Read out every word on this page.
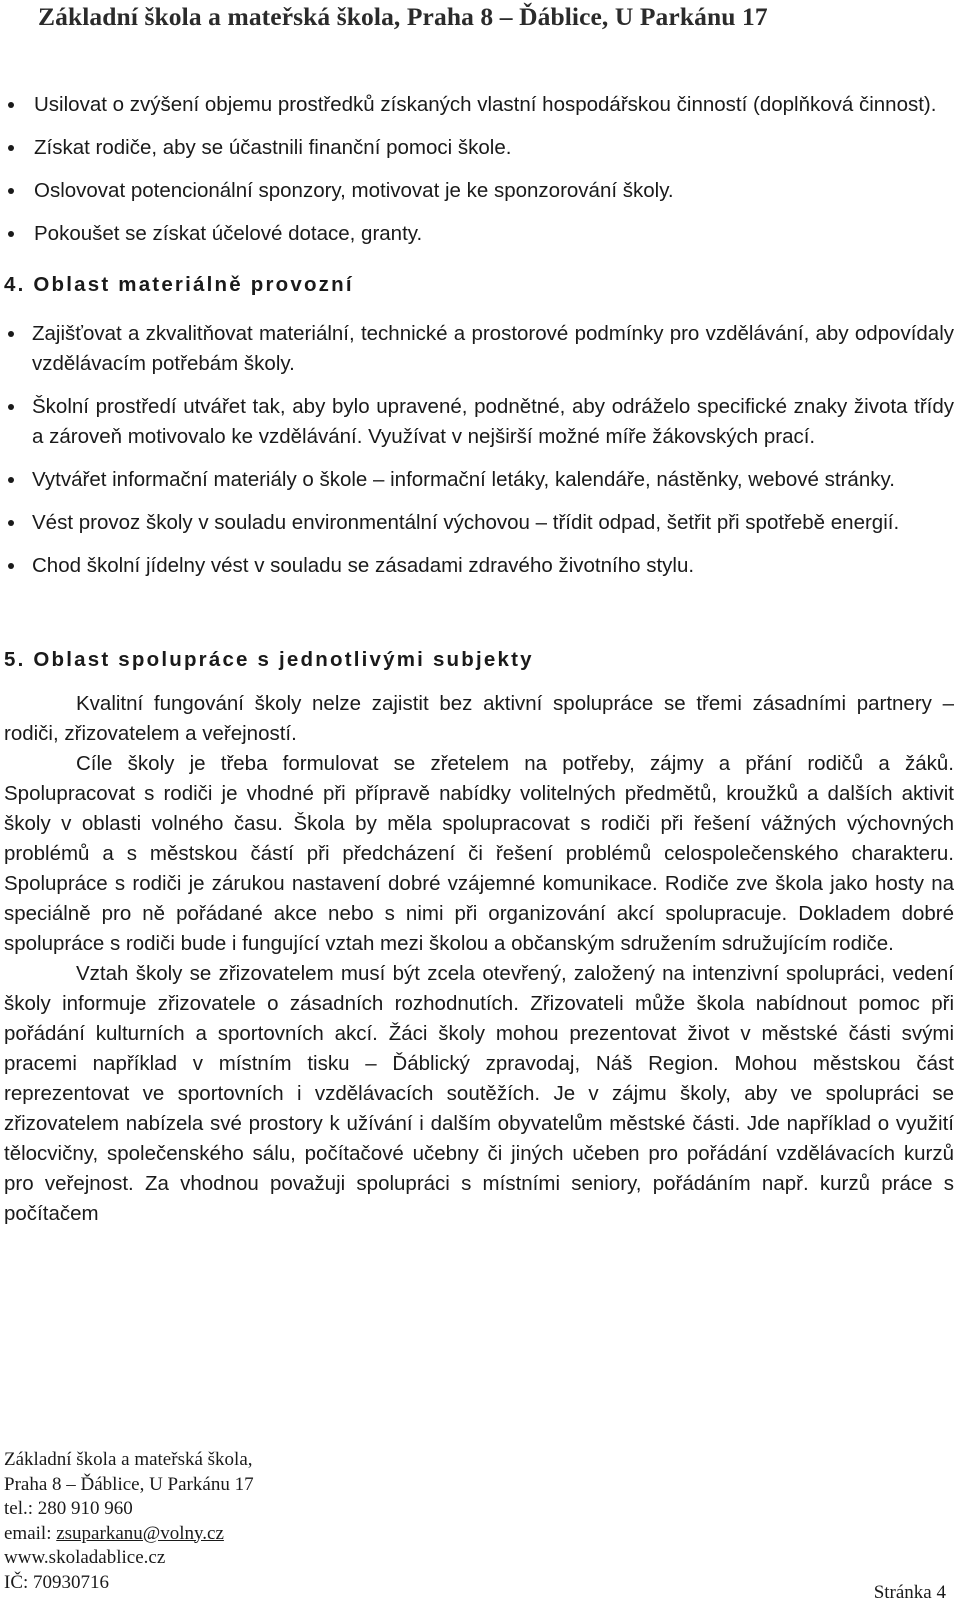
Základní škola a mateřská škola, Praha 8 – Ďáblice, U Parkánu 17
Usilovat o zvýšení objemu prostředků získaných vlastní hospodářskou činností (doplňková činnost).
Získat rodiče, aby se účastnili finanční pomoci škole.
Oslovovat potencionální sponzory, motivovat je ke sponzorování školy.
Pokoušet se získat účelové dotace, granty.
4. Oblast materiálně provozní
Zajišťovat a zkvalitňovat materiální, technické a prostorové podmínky pro vzdělávání, aby odpovídaly vzdělávacím potřebám školy.
Školní prostředí utvářet tak, aby bylo upravené, podnětné, aby odráželo specifické znaky života třídy a zároveň motivovalo ke vzdělávání. Využívat v nejširší možné míře žákovských prací.
Vytvářet informační materiály o škole – informační letáky, kalendáře, nástěnky, webové stránky.
Vést provoz školy v souladu environmentální výchovou – třídit odpad, šetřit při spotřebě energií.
Chod školní jídelny vést v souladu se zásadami zdravého životního stylu.
5. Oblast spolupráce s jednotlivými subjekty

Kvalitní fungování školy nelze zajistit bez aktivní spolupráce se třemi zásadními partnery – rodiči, zřizovatelem a veřejností.

Cíle školy je třeba formulovat se zřetelem na potřeby, zájmy a přání rodičů a žáků. Spolupracovat s rodiči je vhodné při přípravě nabídky volitelných předmětů, kroužků a dalších aktivit školy v oblasti volného času. Škola by měla spolupracovat s rodiči při řešení vážných výchovných problémů a s městskou částí při předcházení či řešení problémů celospolečenského charakteru. Spolupráce s rodiči je zárukou nastavení dobré vzájemné komunikace. Rodiče zve škola jako hosty na speciálně pro ně pořádané akce nebo s nimi při organizování akcí spolupracuje. Dokladem dobré spolupráce s rodiči bude i fungující vztah mezi školou a občanským sdružením sdružujícím rodiče.

Vztah školy se zřizovatelem musí být zcela otevřený, založený na intenzivní spolupráci, vedení školy informuje zřizovatele o zásadních rozhodnutích. Zřizovateli může škola nabídnout pomoc při pořádání kulturních a sportovních akcí. Žáci školy mohou prezentovat život v městské části svými pracemi například v místním tisku – Ďáblický zpravodaj, Náš Region. Mohou městskou část reprezentovat ve sportovních i vzdělávacích soutěžích. Je v zájmu školy, aby ve spolupráci se zřizovatelem nabízela své prostory k užívání i dalším obyvatelům městské části. Jde například o využití tělocvičny, společenského sálu, počítačové učebny či jiných učeben pro pořádání vzdělávacích kurzů pro veřejnost. Za vhodnou považuji spolupráci s místními seniory, pořádáním např. kurzů práce s počítačem

Základní škola a mateřská škola,
Praha 8 – Ďáblice, U Parkánu 17
tel.: 280 910 960
email: zsuparkanu@volny.cz
www.skoladablice.cz
IČ: 70930716	Stránka 4
